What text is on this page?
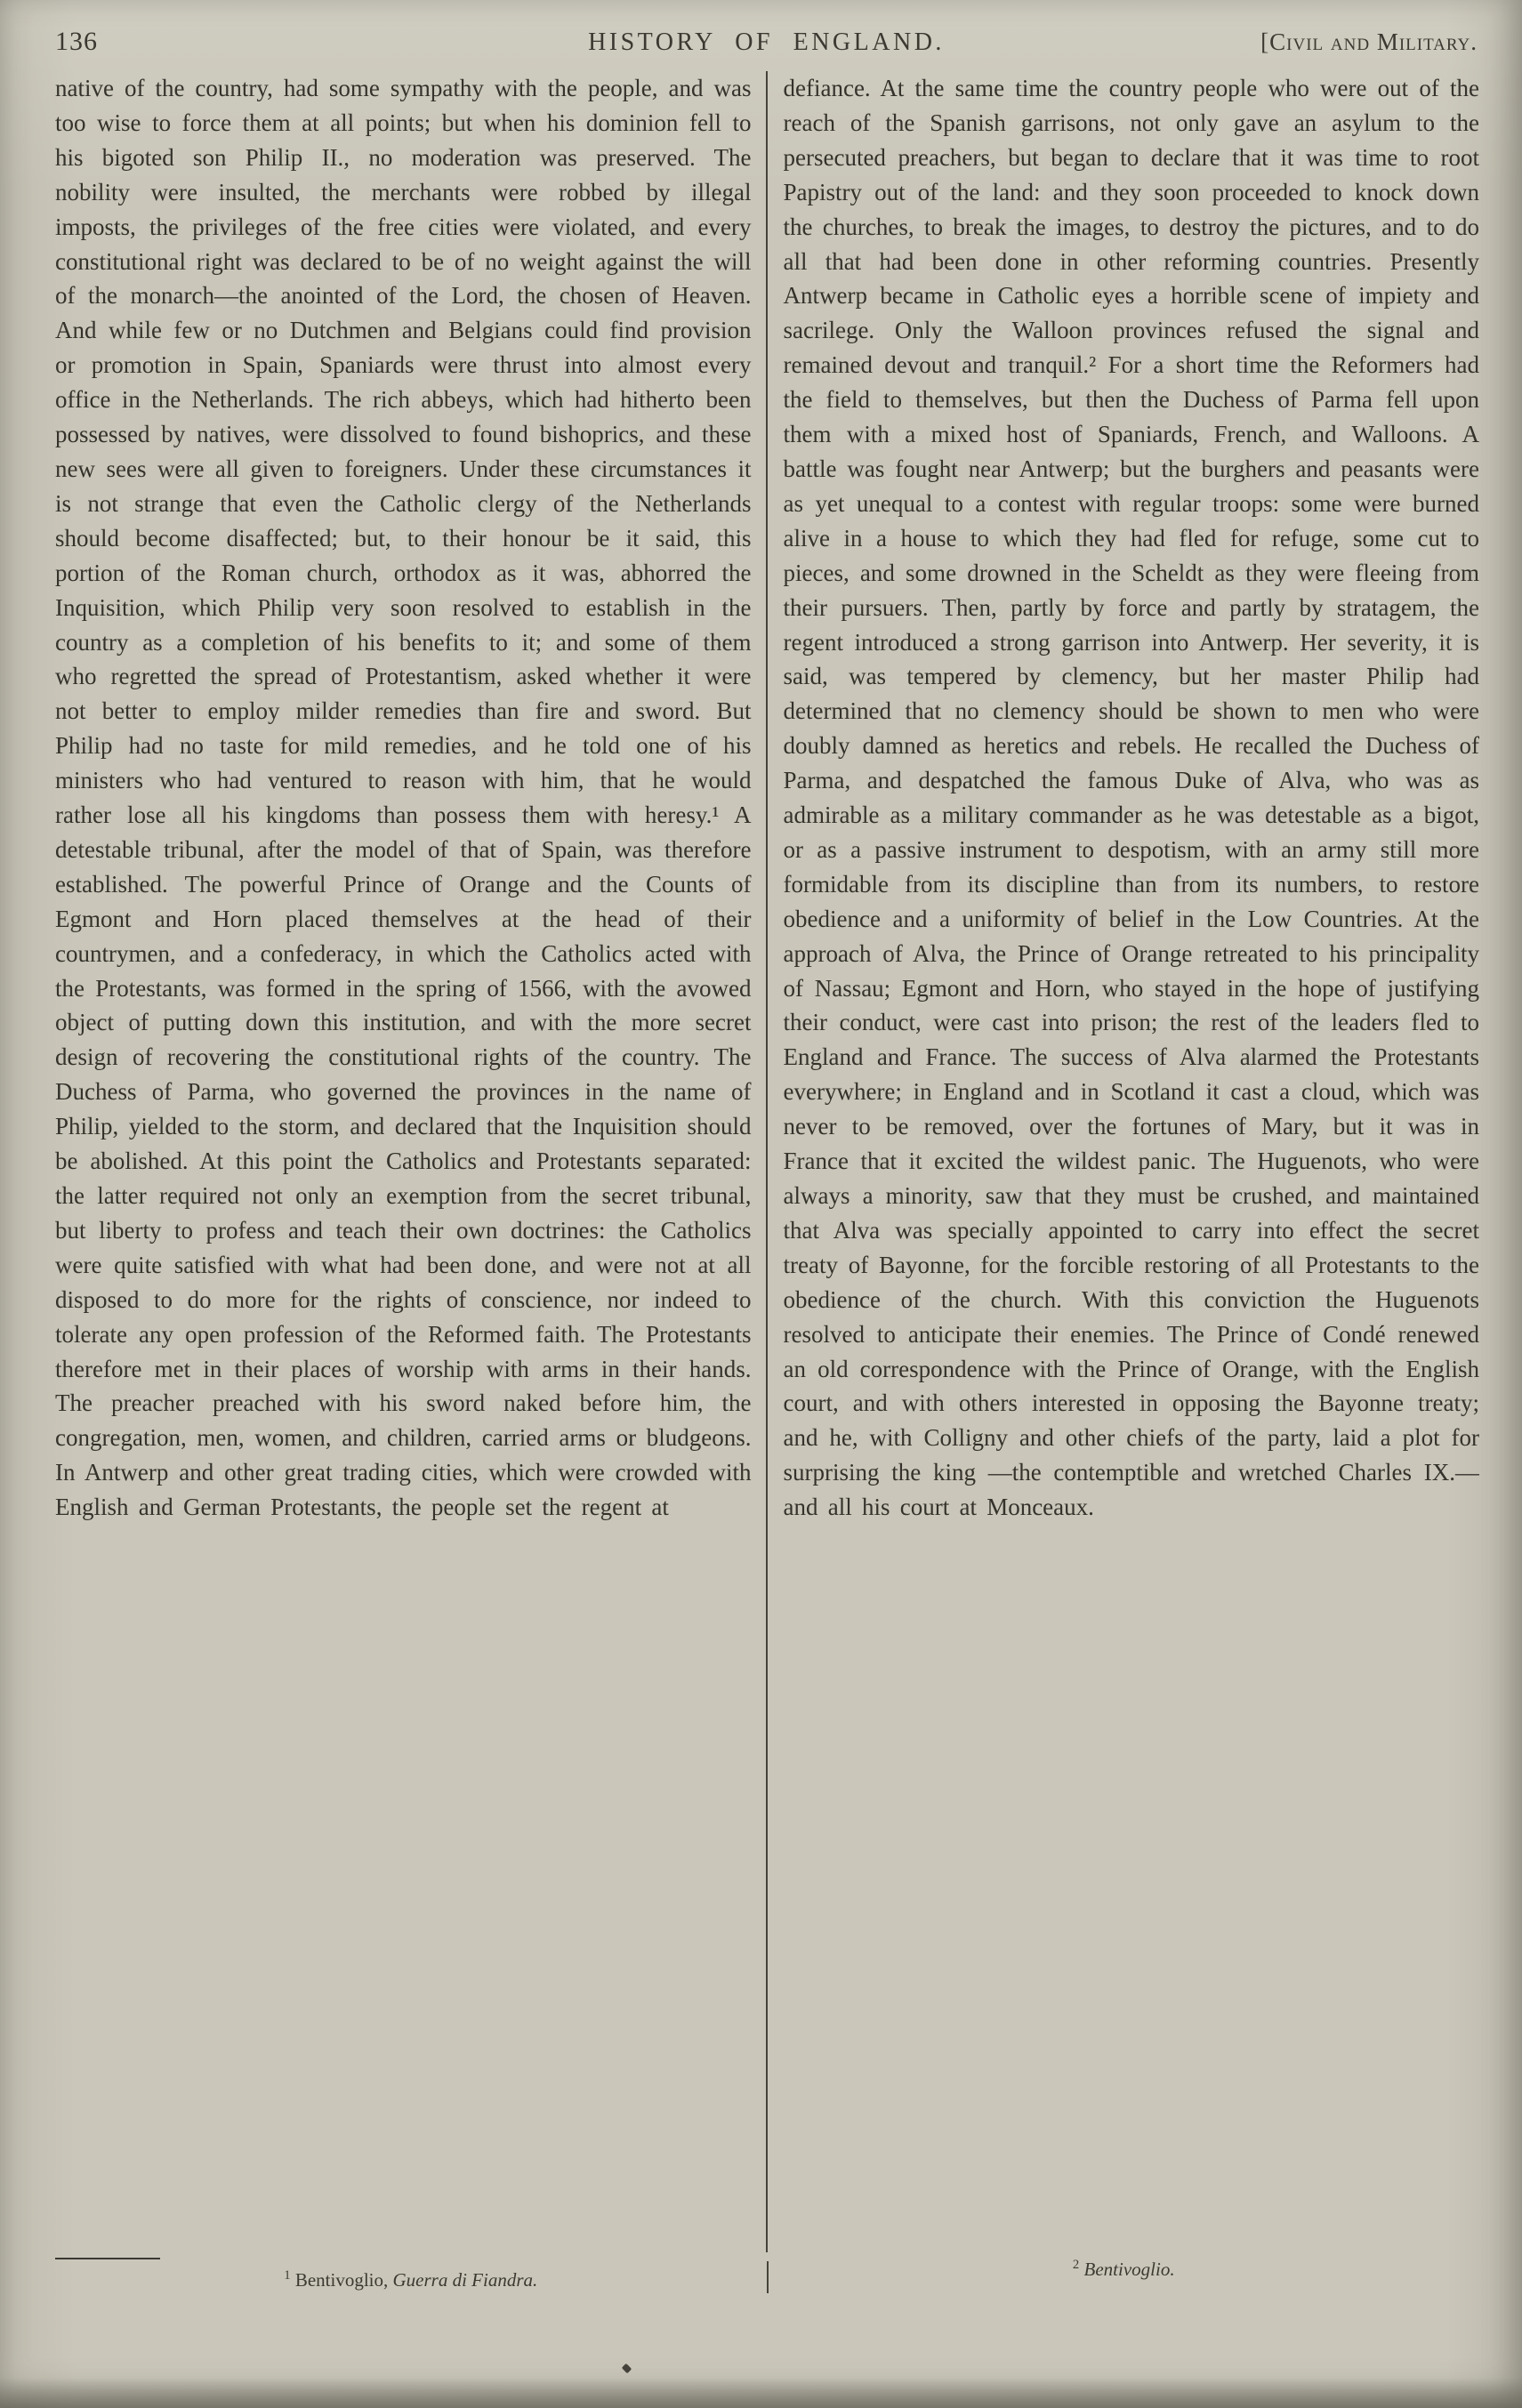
136	HISTORY OF ENGLAND.	[Civil and Military.

native of the country, had some sympathy with the people, and was too wise to force them at all points; but when his dominion fell to his bigoted son Philip II., no moderation was preserved. The nobility were insulted, the merchants were robbed by illegal imposts, the privileges of the free cities were violated, and every constitutional right was declared to be of no weight against the will of the monarch—the anointed of the Lord, the chosen of Heaven. And while few or no Dutchmen and Belgians could find provision or promotion in Spain, Spaniards were thrust into almost every office in the Netherlands. The rich abbeys, which had hitherto been possessed by natives, were dissolved to found bishoprics, and these new sees were all given to foreigners. Under these circumstances it is not strange that even the Catholic clergy of the Netherlands should become disaffected; but, to their honour be it said, this portion of the Roman church, orthodox as it was, abhorred the Inquisition, which Philip very soon resolved to establish in the country as a completion of his benefits to it; and some of them who regretted the spread of Protestantism, asked whether it were not better to employ milder remedies than fire and sword. But Philip had no taste for mild remedies, and he told one of his ministers who had ventured to reason with him, that he would rather lose all his kingdoms than possess them with heresy.¹ A detestable tribunal, after the model of that of Spain, was therefore established. The powerful Prince of Orange and the Counts of Egmont and Horn placed themselves at the head of their countrymen, and a confederacy, in which the Catholics acted with the Protestants, was formed in the spring of 1566, with the avowed object of putting down this institution, and with the more secret design of recovering the constitutional rights of the country. The Duchess of Parma, who governed the provinces in the name of Philip, yielded to the storm, and declared that the Inquisition should be abolished. At this point the Catholics and Protestants separated: the latter required not only an exemption from the secret tribunal, but liberty to profess and teach their own doctrines: the Catholics were quite satisfied with what had been done, and were not at all disposed to do more for the rights of conscience, nor indeed to tolerate any open profession of the Reformed faith. The Protestants therefore met in their places of worship with arms in their hands. The preacher preached with his sword naked before him, the congregation, men, women, and children, carried arms or bludgeons. In Antwerp and other great trading cities, which were crowded with English and German Protestants, the people set the regent at

defiance. At the same time the country people who were out of the reach of the Spanish garrisons, not only gave an asylum to the persecuted preachers, but began to declare that it was time to root Papistry out of the land: and they soon proceeded to knock down the churches, to break the images, to destroy the pictures, and to do all that had been done in other reforming countries. Presently Antwerp became in Catholic eyes a horrible scene of impiety and sacrilege. Only the Walloon provinces refused the signal and remained devout and tranquil.² For a short time the Reformers had the field to themselves, but then the Duchess of Parma fell upon them with a mixed host of Spaniards, French, and Walloons. A battle was fought near Antwerp; but the burghers and peasants were as yet unequal to a contest with regular troops: some were burned alive in a house to which they had fled for refuge, some cut to pieces, and some drowned in the Scheldt as they were fleeing from their pursuers. Then, partly by force and partly by stratagem, the regent introduced a strong garrison into Antwerp. Her severity, it is said, was tempered by clemency, but her master Philip had determined that no clemency should be shown to men who were doubly damned as heretics and rebels. He recalled the Duchess of Parma, and despatched the famous Duke of Alva, who was as admirable as a military commander as he was detestable as a bigot, or as a passive instrument to despotism, with an army still more formidable from its discipline than from its numbers, to restore obedience and a uniformity of belief in the Low Countries. At the approach of Alva, the Prince of Orange retreated to his principality of Nassau; Egmont and Horn, who stayed in the hope of justifying their conduct, were cast into prison; the rest of the leaders fled to England and France. The success of Alva alarmed the Protestants everywhere; in England and in Scotland it cast a cloud, which was never to be removed, over the fortunes of Mary, but it was in France that it excited the wildest panic. The Huguenots, who were always a minority, saw that they must be crushed, and maintained that Alva was specially appointed to carry into effect the secret treaty of Bayonne, for the forcible restoring of all Protestants to the obedience of the church. With this conviction the Huguenots resolved to anticipate their enemies. The Prince of Condé renewed an old correspondence with the Prince of Orange, with the English court, and with others interested in opposing the Bayonne treaty; and he, with Colligny and other chiefs of the party, laid a plot for surprising the king —the contemptible and wretched Charles IX.— and all his court at Monceaux.

$^1$ Bentivoglio, Guerra di Fiandra.

$^2$ Bentivoglio.
